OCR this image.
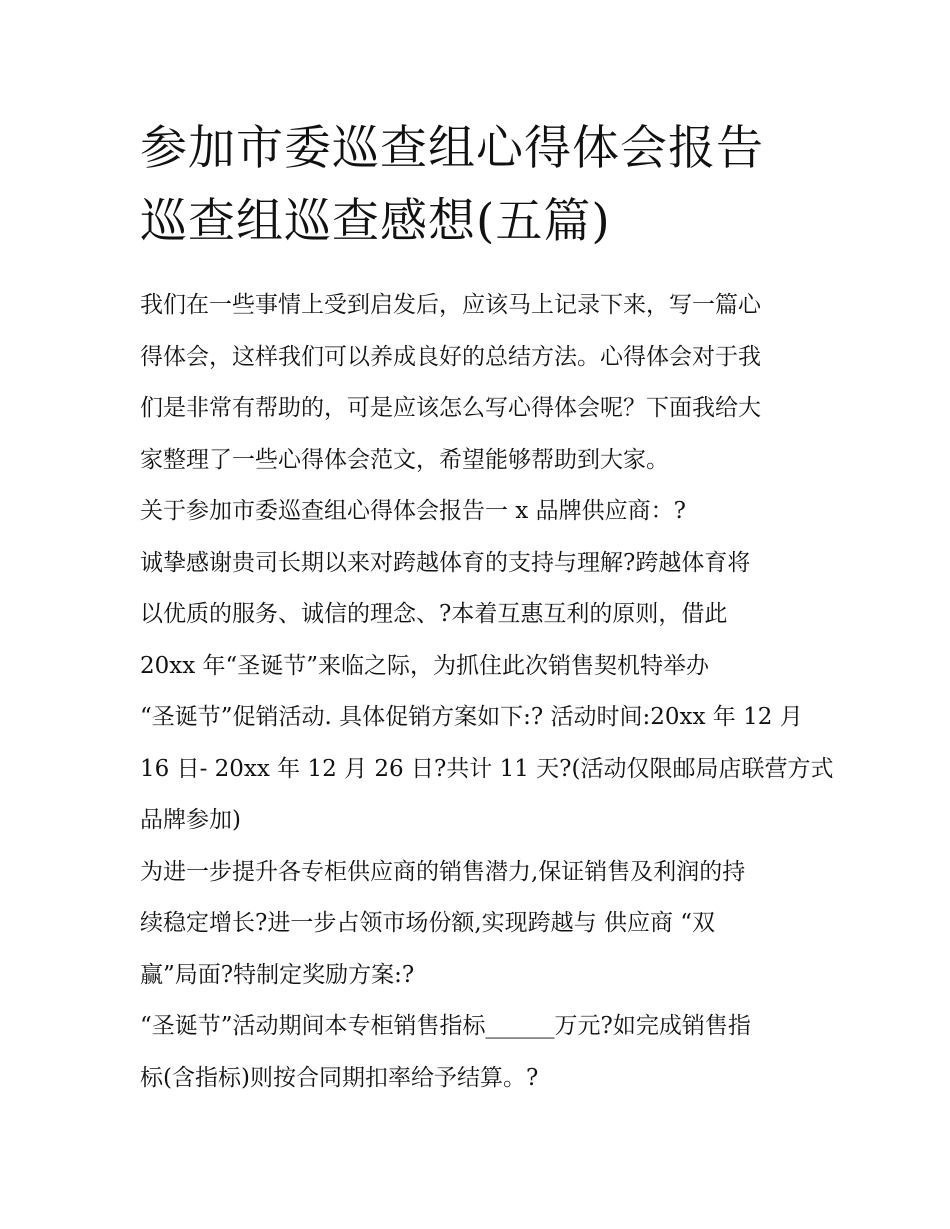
参加市委巡查组心得体会报告
巡查组巡查感想(五篇)
我们在一些事情上受到启发后，应该马上记录下来，写一篇心
得体会，这样我们可以养成良好的总结方法。心得体会对于我
们是非常有帮助的，可是应该怎么写心得体会呢？下面我给大
家整理了一些心得体会范文，希望能够帮助到大家。
关于参加市委巡查组心得体会报告一 x 品牌供应商：?
诚挚感谢贵司长期以来对跨越体育的支持与理解?跨越体育将
以优质的服务、诚信的理念、?本着互惠互利的原则，借此
20xx 年“圣诞节”来临之际，为抓住此次销售契机特举办
“圣诞节”促销活动. 具体促销方案如下:? 活动时间:20xx 年 12 月
16 日- 20xx 年 12 月 26 日?共计 11 天?(活动仅限邮局店联营方式
品牌参加)
为进一步提升各专柜供应商的销售潜力,保证销售及利润的持
续稳定增长?进一步占领市场份额,实现跨越与 供应商 “双
赢”局面?特制定奖励方案:?
“圣诞节”活动期间本专柜销售指标______万元?如完成销售指
标(含指标)则按合同期扣率给予结算。?
